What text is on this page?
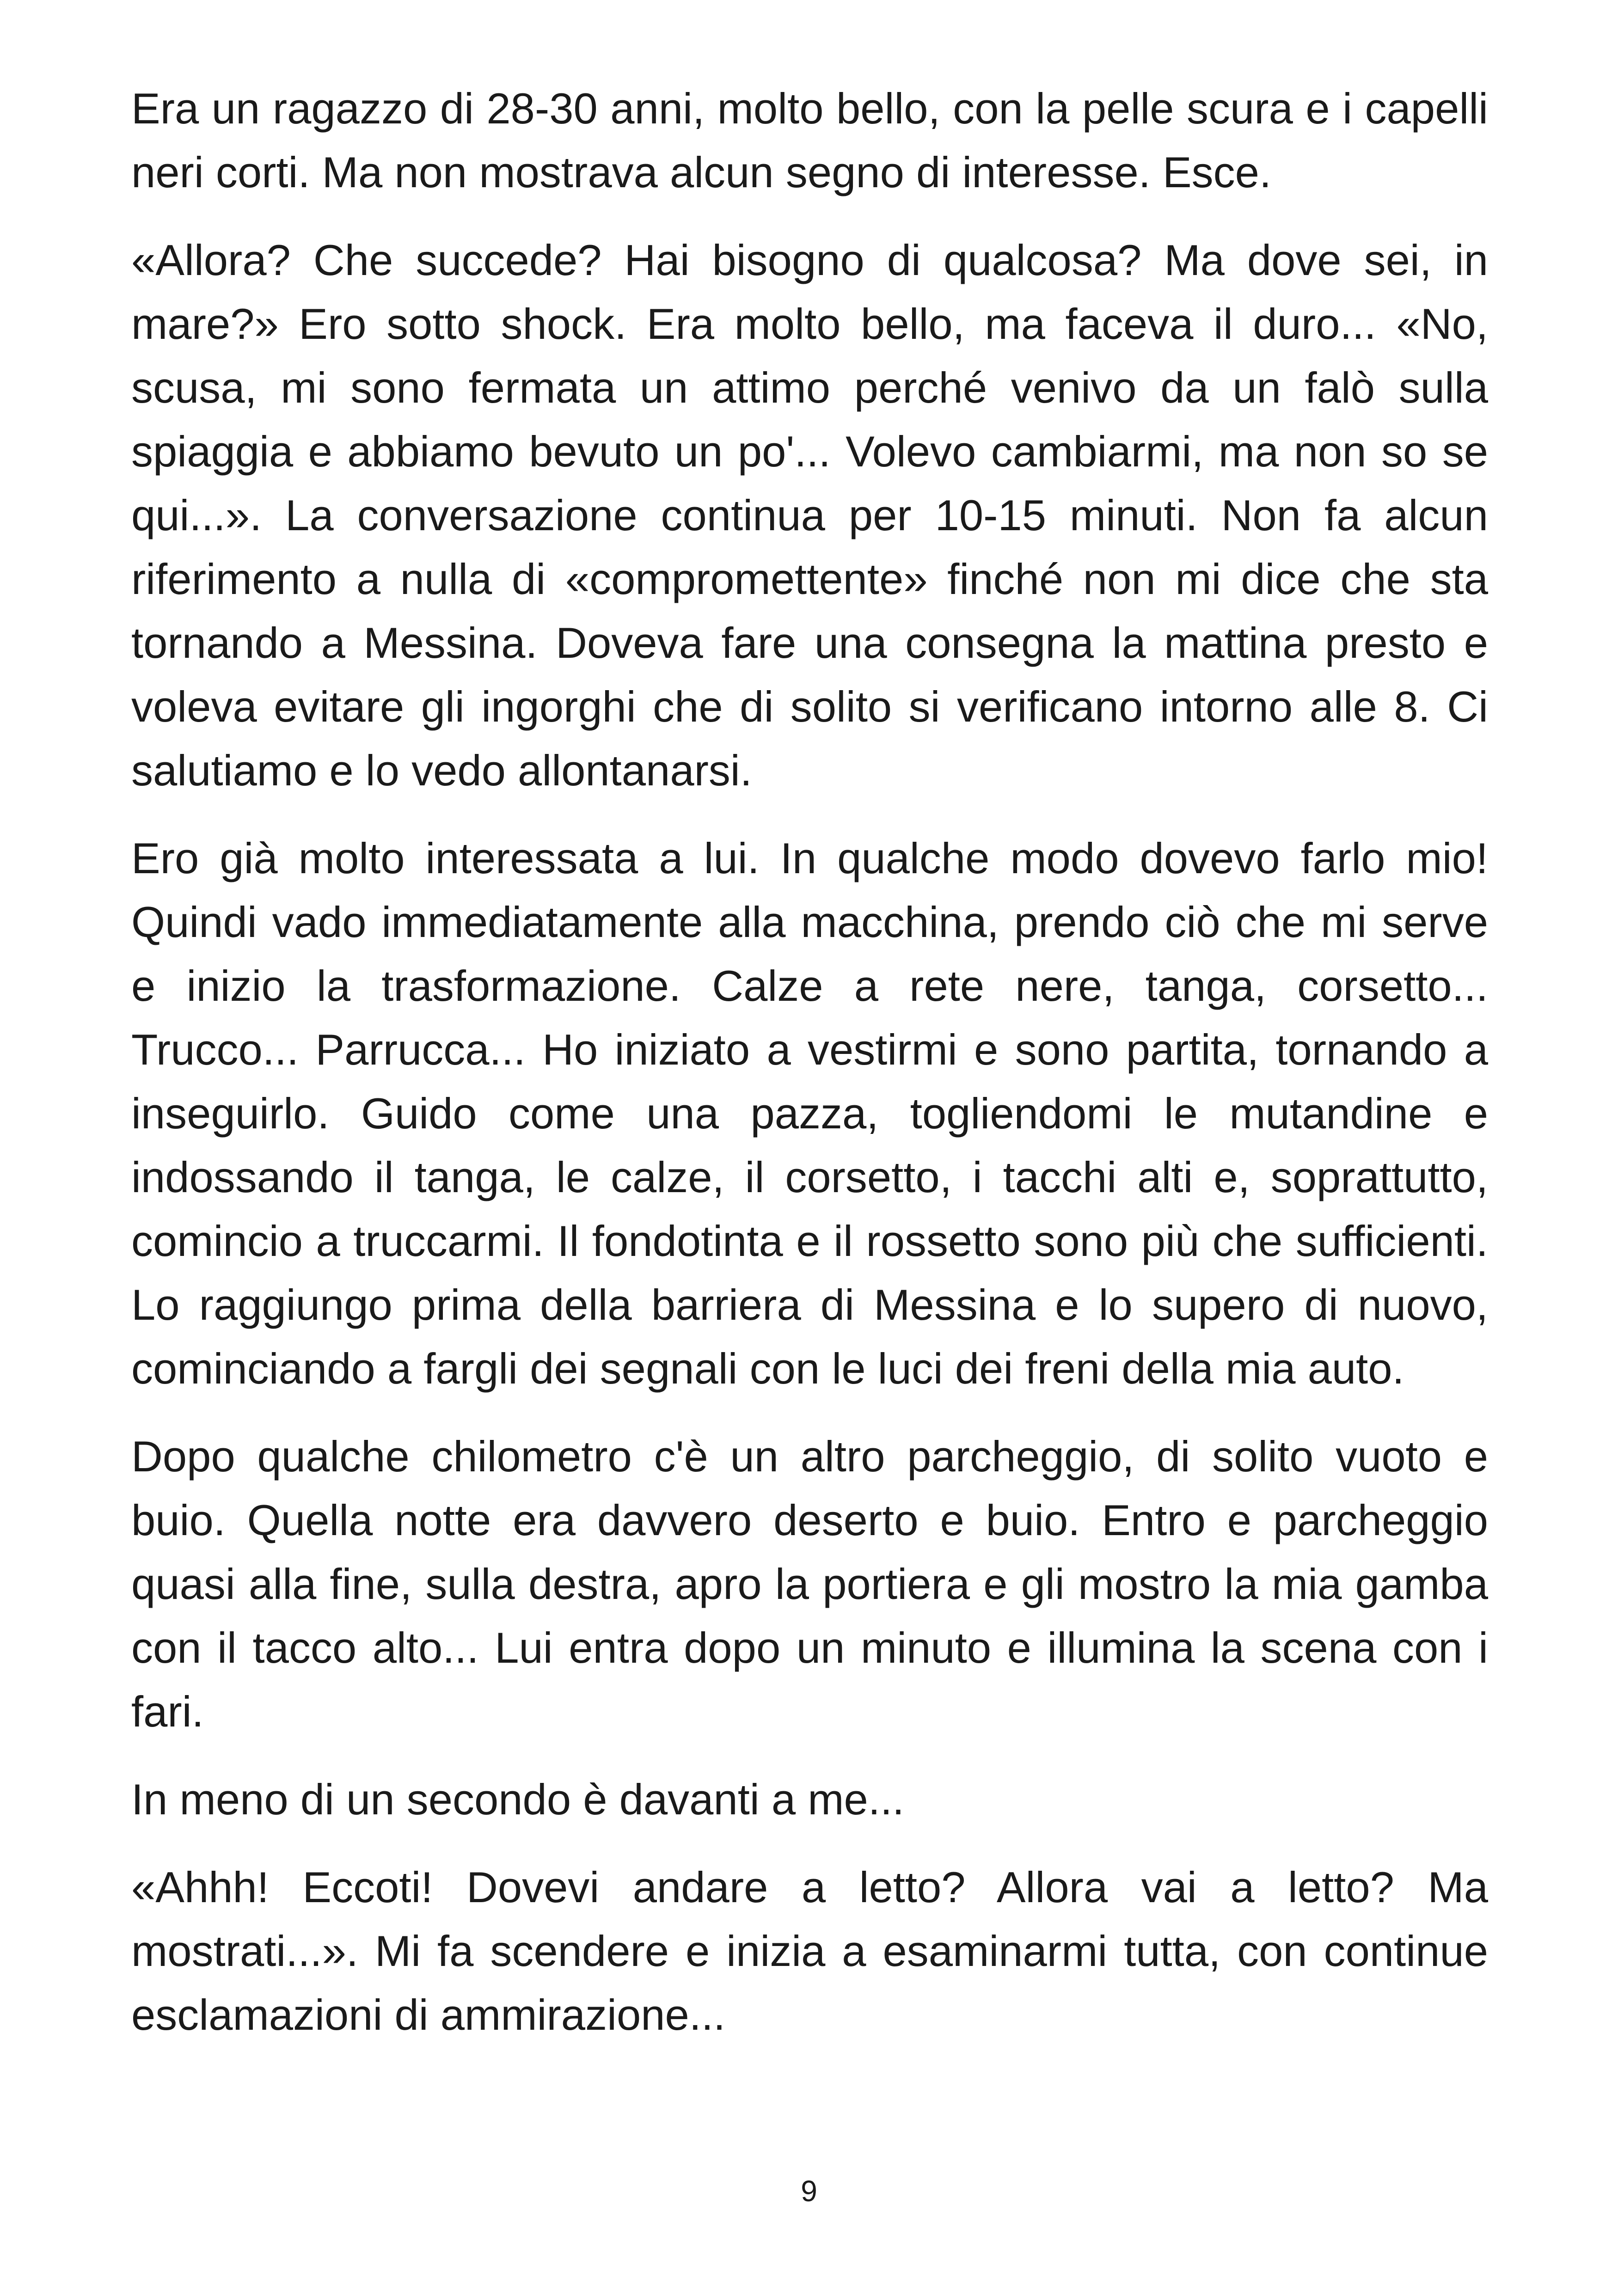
Era un ragazzo di 28-30 anni, molto bello, con la pelle scura e i capelli neri corti. Ma non mostrava alcun segno di interesse. Esce.

«Allora? Che succede? Hai bisogno di qualcosa? Ma dove sei, in mare?» Ero sotto shock. Era molto bello, ma faceva il duro... «No, scusa, mi sono fermata un attimo perché venivo da un falò sulla spiaggia e abbiamo bevuto un po'... Volevo cambiarmi, ma non so se qui...». La conversazione continua per 10-15 minuti. Non fa alcun riferimento a nulla di «compromettente» finché non mi dice che sta tornando a Messina. Doveva fare una consegna la mattina presto e voleva evitare gli ingorghi che di solito si verificano intorno alle 8. Ci salutiamo e lo vedo allontanarsi.

Ero già molto interessata a lui. In qualche modo dovevo farlo mio! Quindi vado immediatamente alla macchina, prendo ciò che mi serve e inizio la trasformazione. Calze a rete nere, tanga, corsetto... Trucco... Parrucca... Ho iniziato a vestirmi e sono partita, tornando a inseguirlo. Guido come una pazza, togliendomi le mutandine e indossando il tanga, le calze, il corsetto, i tacchi alti e, soprattutto, comincio a truccarmi. Il fondotinta e il rossetto sono più che sufficienti. Lo raggiungo prima della barriera di Messina e lo supero di nuovo, cominciando a fargli dei segnali con le luci dei freni della mia auto.

Dopo qualche chilometro c'è un altro parcheggio, di solito vuoto e buio. Quella notte era davvero deserto e buio. Entro e parcheggio quasi alla fine, sulla destra, apro la portiera e gli mostro la mia gamba con il tacco alto... Lui entra dopo un minuto e illumina la scena con i fari.

In meno di un secondo è davanti a me...

«Ahhh! Eccoti! Dovevi andare a letto? Allora vai a letto? Ma mostrati...». Mi fa scendere e inizia a esaminarmi tutta, con continue esclamazioni di ammirazione...

9
